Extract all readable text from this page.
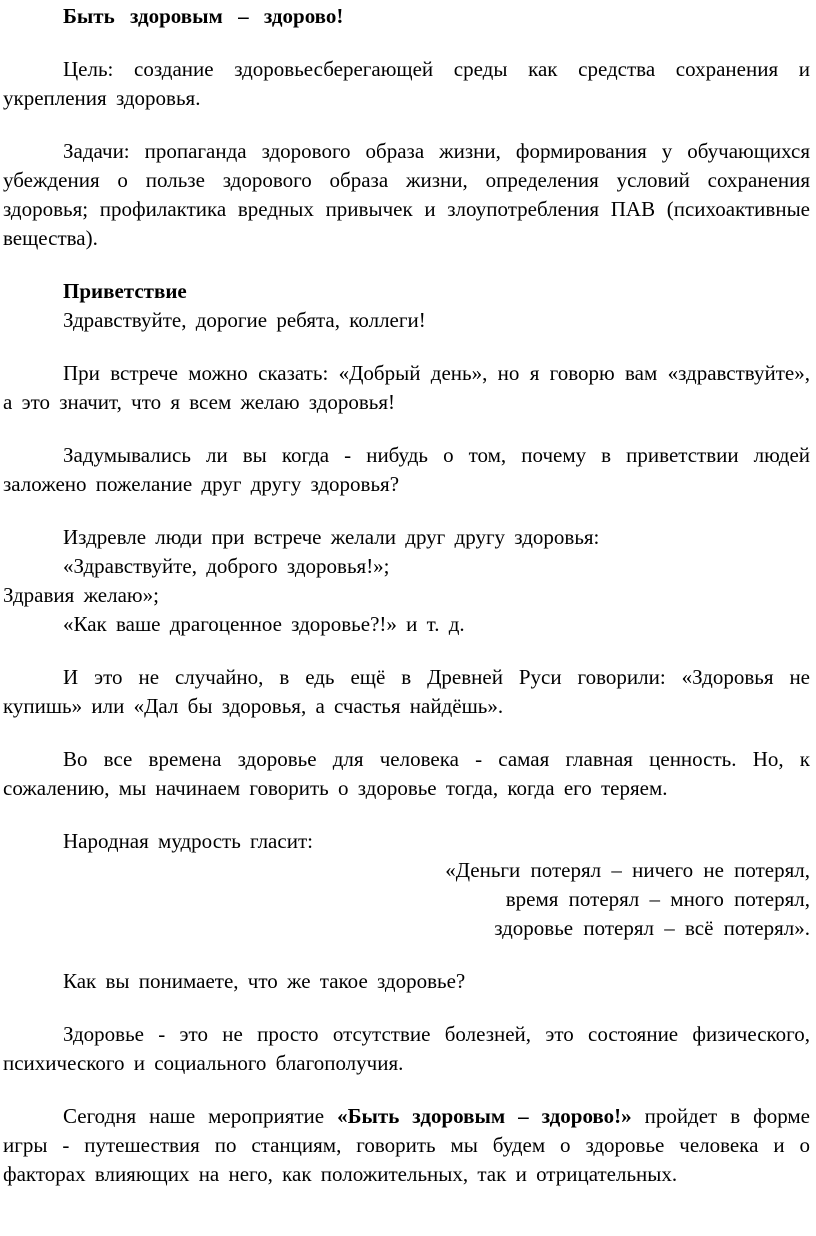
Быть здоровым – здорово!

Цель: создание здоровьесберегающей среды как средства сохранения и укрепления здоровья.

Задачи: пропаганда здорового образа жизни, формирования у обучающихся убеждения о пользе здорового образа жизни, определения условий сохранения здоровья; профилактика вредных привычек и злоупотребления ПАВ (психоактивные вещества).

Приветствие

Здравствуйте, дорогие ребята, коллеги!

При встрече можно сказать: «Добрый день», но я говорю вам «здравствуйте», а это значит, что я всем желаю здоровья!

Задумывались ли вы когда - нибудь о том, почему в приветствии людей заложено пожелание друг другу здоровья?

Издревле люди при встрече желали друг другу здоровья:

«Здравствуйте, доброго здоровья!»;

Здравия желаю»;

«Как ваше драгоценное здоровье?!» и т. д.

И это не случайно, в едь ещё в Древней Руси говорили: «Здоровья не купишь» или «Дал бы здоровья, а счастья найдёшь».

Во все времена здоровье для человека - самая главная ценность. Но, к сожалению, мы начинаем говорить о здоровье тогда, когда его теряем.

Народная мудрость гласит:

«Деньги потерял – ничего не потерял,

время потерял – много потерял,

здоровье потерял – всё потерял».

Как вы понимаете, что же такое здоровье?

Здоровье - это не просто отсутствие болезней, это состояние физического, психического и социального благополучия.

Сегодня наше мероприятие «Быть здоровым – здорово!» пройдет в форме игры - путешествия по станциям, говорить мы будем о здоровье человека и о факторах влияющих на него, как положительных, так и отрицательных.
